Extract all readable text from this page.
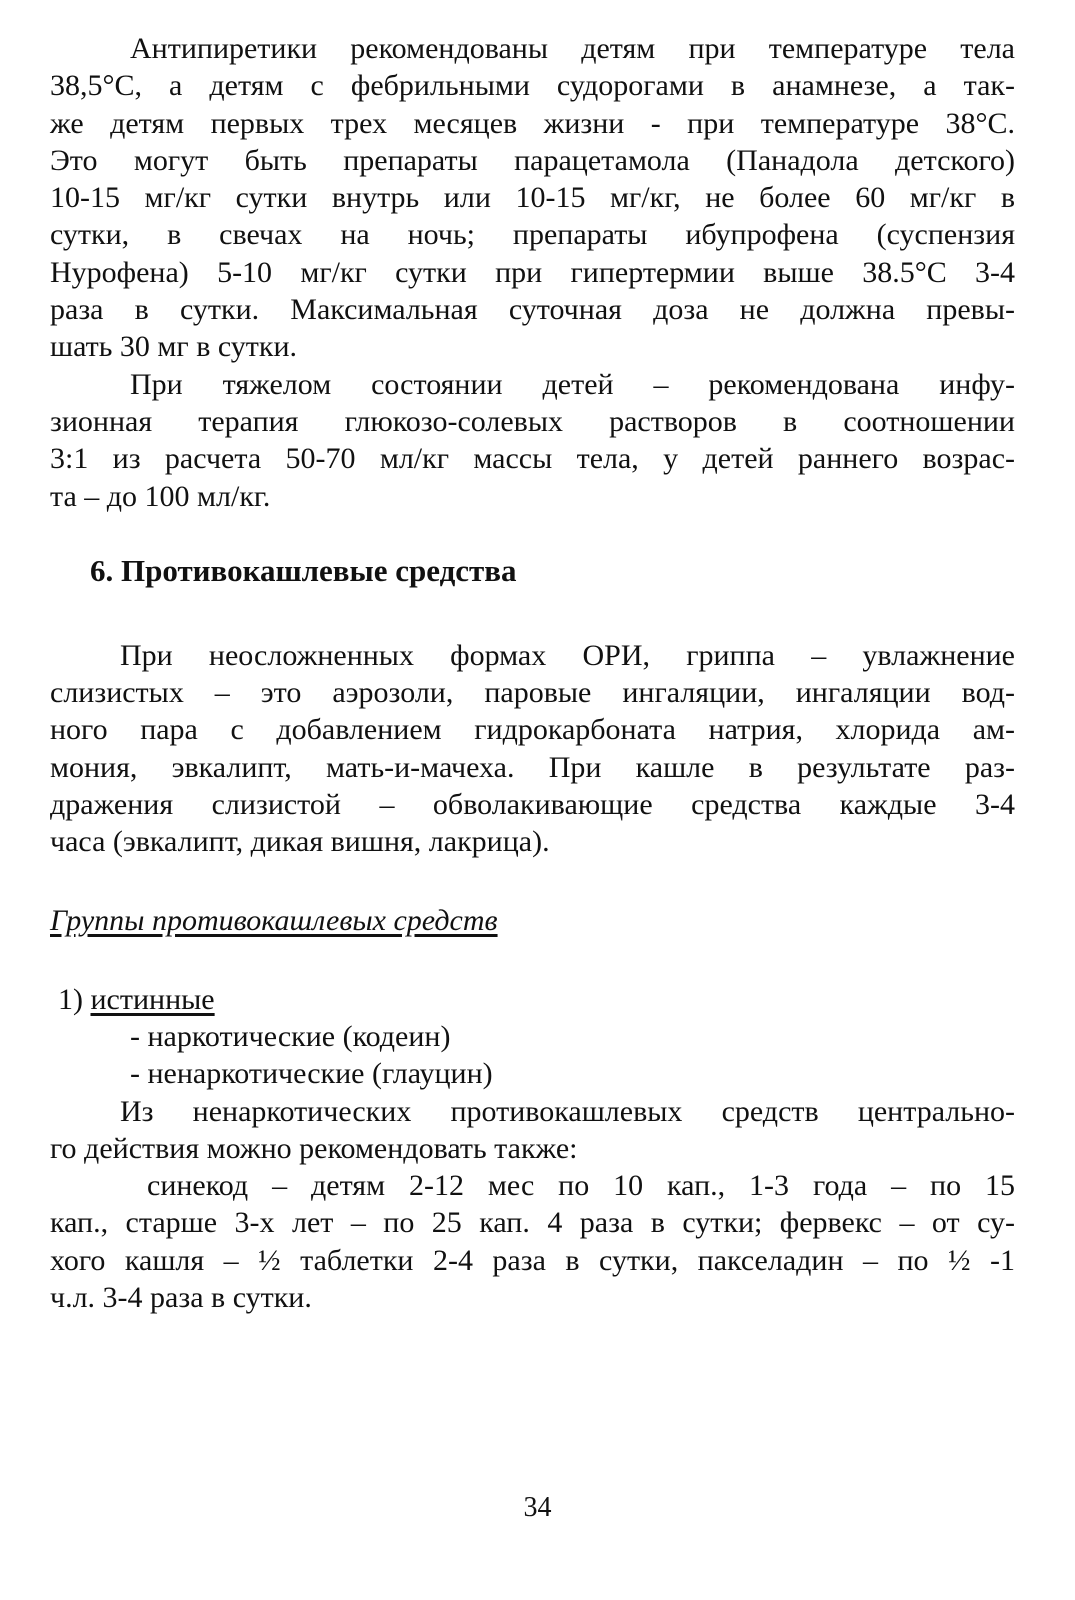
Антипиретики рекомендованы детям при температуре тела
38,5°С, а детям с фебрильными судорогами в анамнезе, а так-
же детям первых трех месяцев жизни - при температуре 38°С.
Это могут быть препараты парацетамола (Панадола детского)
10-15 мг/кг сутки внутрь или 10-15 мг/кг, не более 60 мг/кг в
сутки, в свечах на ночь; препараты ибупрофена (суспензия
Нурофена) 5-10 мг/кг сутки при гипертермии выше 38.5°С 3-4
раза в сутки. Максимальная суточная доза не должна превы-
шать 30 мг в сутки.
При тяжелом состоянии детей – рекомендована инфу-
зионная терапия глюкозо-солевых растворов в соотношении
3:1 из расчета 50-70 мл/кг массы тела, у детей раннего возрас-
та – до 100 мл/кг.
6. Противокашлевые средства
При неосложненных формах ОРИ, гриппа – увлажнение
слизистых – это аэрозоли, паровые ингаляции, ингаляции вод-
ного пара с добавлением гидрокарбоната натрия, хлорида ам-
мония, эвкалипт, мать-и-мачеха. При кашле в результате раз-
дражения слизистой – обволакивающие средства каждые 3-4
часа (эвкалипт, дикая вишня, лакрица).
Группы противокашлевых средств
1) истинные
- наркотические (кодеин)
- ненаркотические (глауцин)
Из ненаркотических противокашлевых средств центрально-
го действия можно рекомендовать также:
синекод – детям 2-12 мес по 10 кап., 1-3 года – по 15
кап., старше 3-х лет – по 25 кап. 4 раза в сутки; фервекс – от су-
хого кашля – ½ таблетки 2-4 раза в сутки, пакселадин – по ½ -1
ч.л. 3-4 раза в сутки.
34
